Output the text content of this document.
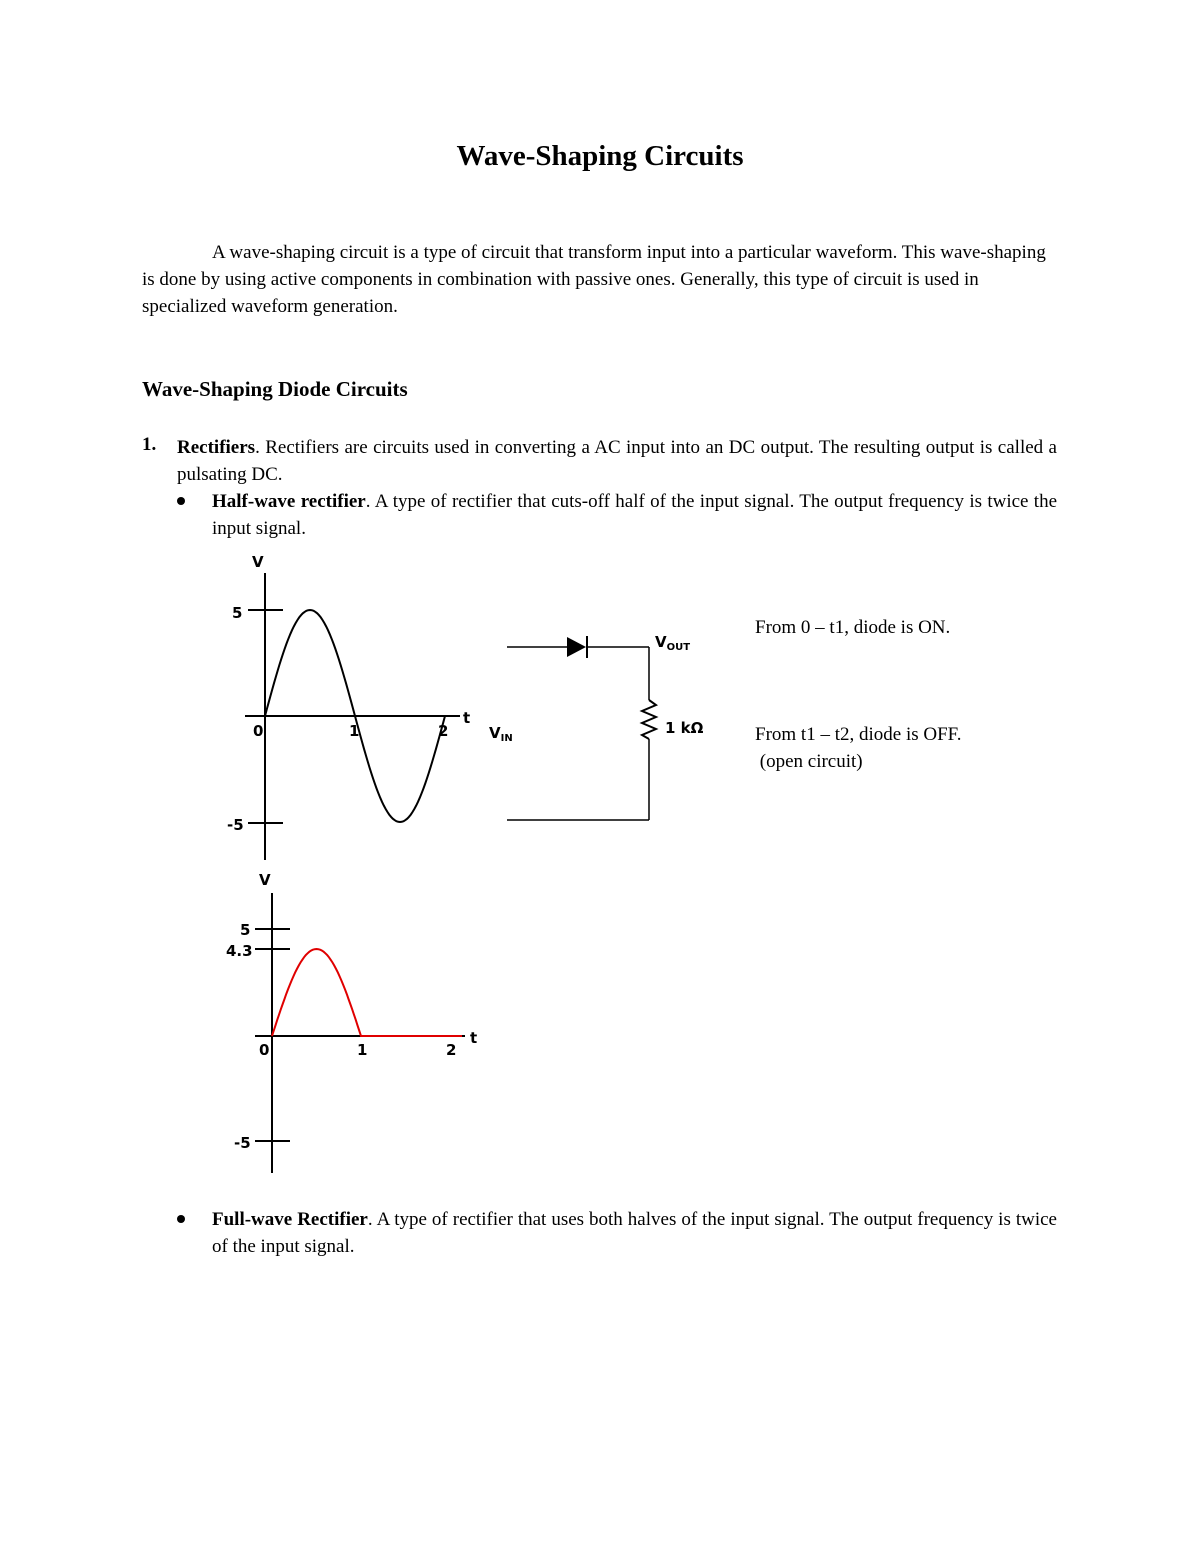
Wave-Shaping Circuits

A wave-shaping circuit is a type of circuit that transform input into a particular waveform. This wave-shaping is done by using active components in combination with passive ones. Generally, this type of circuit is used in specialized waveform generation.

Wave-Shaping Diode Circuits
1. Rectifiers. Rectifiers are circuits used in converting a AC input into an DC output. The resulting output is called a pulsating DC.
Half-wave rectifier. A type of rectifier that cuts-off half of the input signal. The output frequency is twice the input signal.
V
t
5
-5
0	1	2
$V_{OUT}$
$V_{IN}$
1 kΩ
From 0 – t1, diode is ON.
From t1 – t2, diode is OFF.
(open circuit)
V
t
5
4.3
-5
0	1	2
Full-wave Rectifier. A type of rectifier that uses both halves of the input signal. The output frequency is twice of the input signal.
